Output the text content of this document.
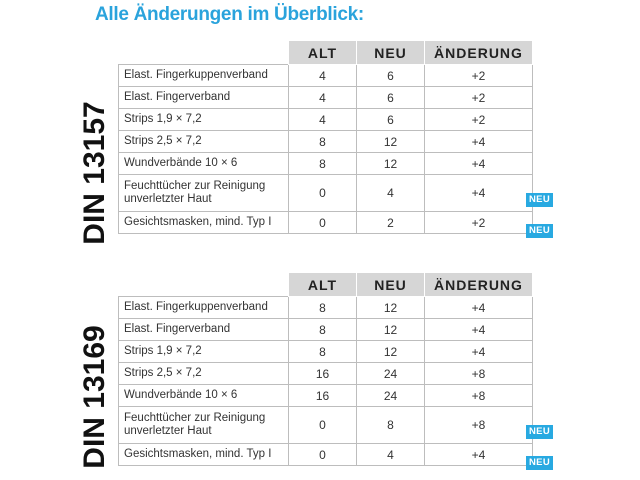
Alle Änderungen im Überblick:
DIN 13157
DIN 13169
	ALT	NEU	ÄNDERUNG
Elast. Fingerkuppenverband	4	6	+2
Elast. Fingerverband	4	6	+2
Strips 1,9 × 7,2	4	6	+2
Strips 2,5 × 7,2	8	12	+4
Wundverbände 10 × 6	8	12	+4
Feuchttücher zur Reinigung unverletzter Haut	0	4	+4
Gesichtsmasken, mind. Typ I	0	2	+2
NEU
NEU
	ALT	NEU	ÄNDERUNG
Elast. Fingerkuppenverband	8	12	+4
Elast. Fingerverband	8	12	+4
Strips 1,9 × 7,2	8	12	+4
Strips 2,5 × 7,2	16	24	+8
Wundverbände 10 × 6	16	24	+8
Feuchttücher zur Reinigung unverletzter Haut	0	8	+8
Gesichtsmasken, mind. Typ I	0	4	+4
NEU
NEU
